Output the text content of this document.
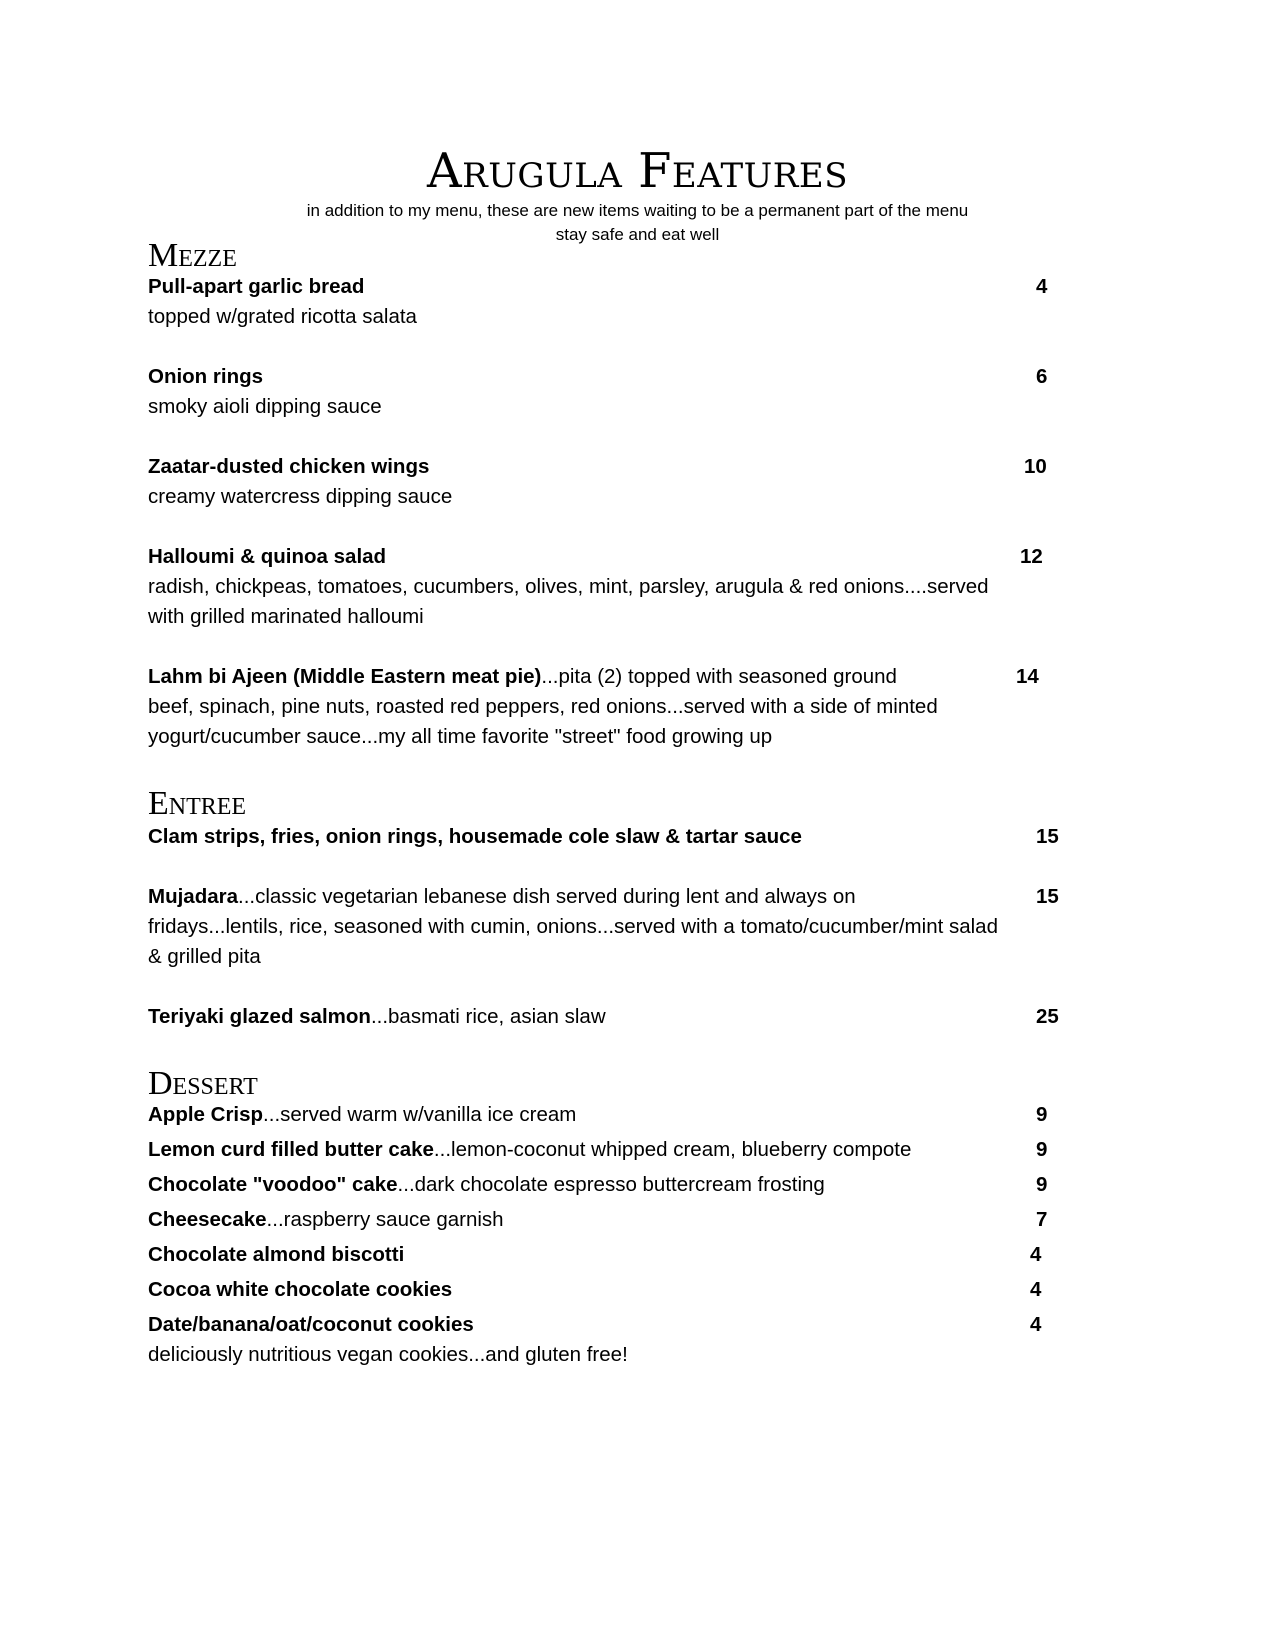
Arugula Features

in addition to my menu, these are new items waiting to be a permanent part of the menu

stay safe and eat well

Mezze

Pull-apart garlic bread	4

topped w/grated ricotta salata

Onion rings	6

smoky aioli dipping sauce

Zaatar-dusted chicken wings	10

creamy watercress dipping sauce

Halloumi & quinoa salad	12

radish, chickpeas, tomatoes, cucumbers, olives, mint, parsley, arugula & red onions....served

with grilled marinated halloumi

Lahm bi Ajeen (Middle Eastern meat pie)...pita (2) topped with seasoned ground	14

beef, spinach, pine nuts, roasted red peppers, red onions...served with a side of minted

yogurt/cucumber sauce...my all time favorite "street" food growing up

Entree

Clam strips, fries, onion rings, housemade cole slaw & tartar sauce	15

Mujadara...classic vegetarian lebanese dish served during lent and always on	15

fridays...lentils, rice, seasoned with cumin, onions...served with a tomato/cucumber/mint salad

& grilled pita

Teriyaki glazed salmon...basmati rice, asian slaw	25
Dessert

Apple Crisp...served warm w/vanilla ice cream	9

Lemon curd filled butter cake...lemon-coconut whipped cream, blueberry compote	9

Chocolate "voodoo" cake...dark chocolate espresso buttercream frosting	9

Cheesecake...raspberry sauce garnish	7

Chocolate almond biscotti	4

Cocoa white chocolate cookies	4

Date/banana/oat/coconut cookies	4

deliciously nutritious vegan cookies...and gluten free!
